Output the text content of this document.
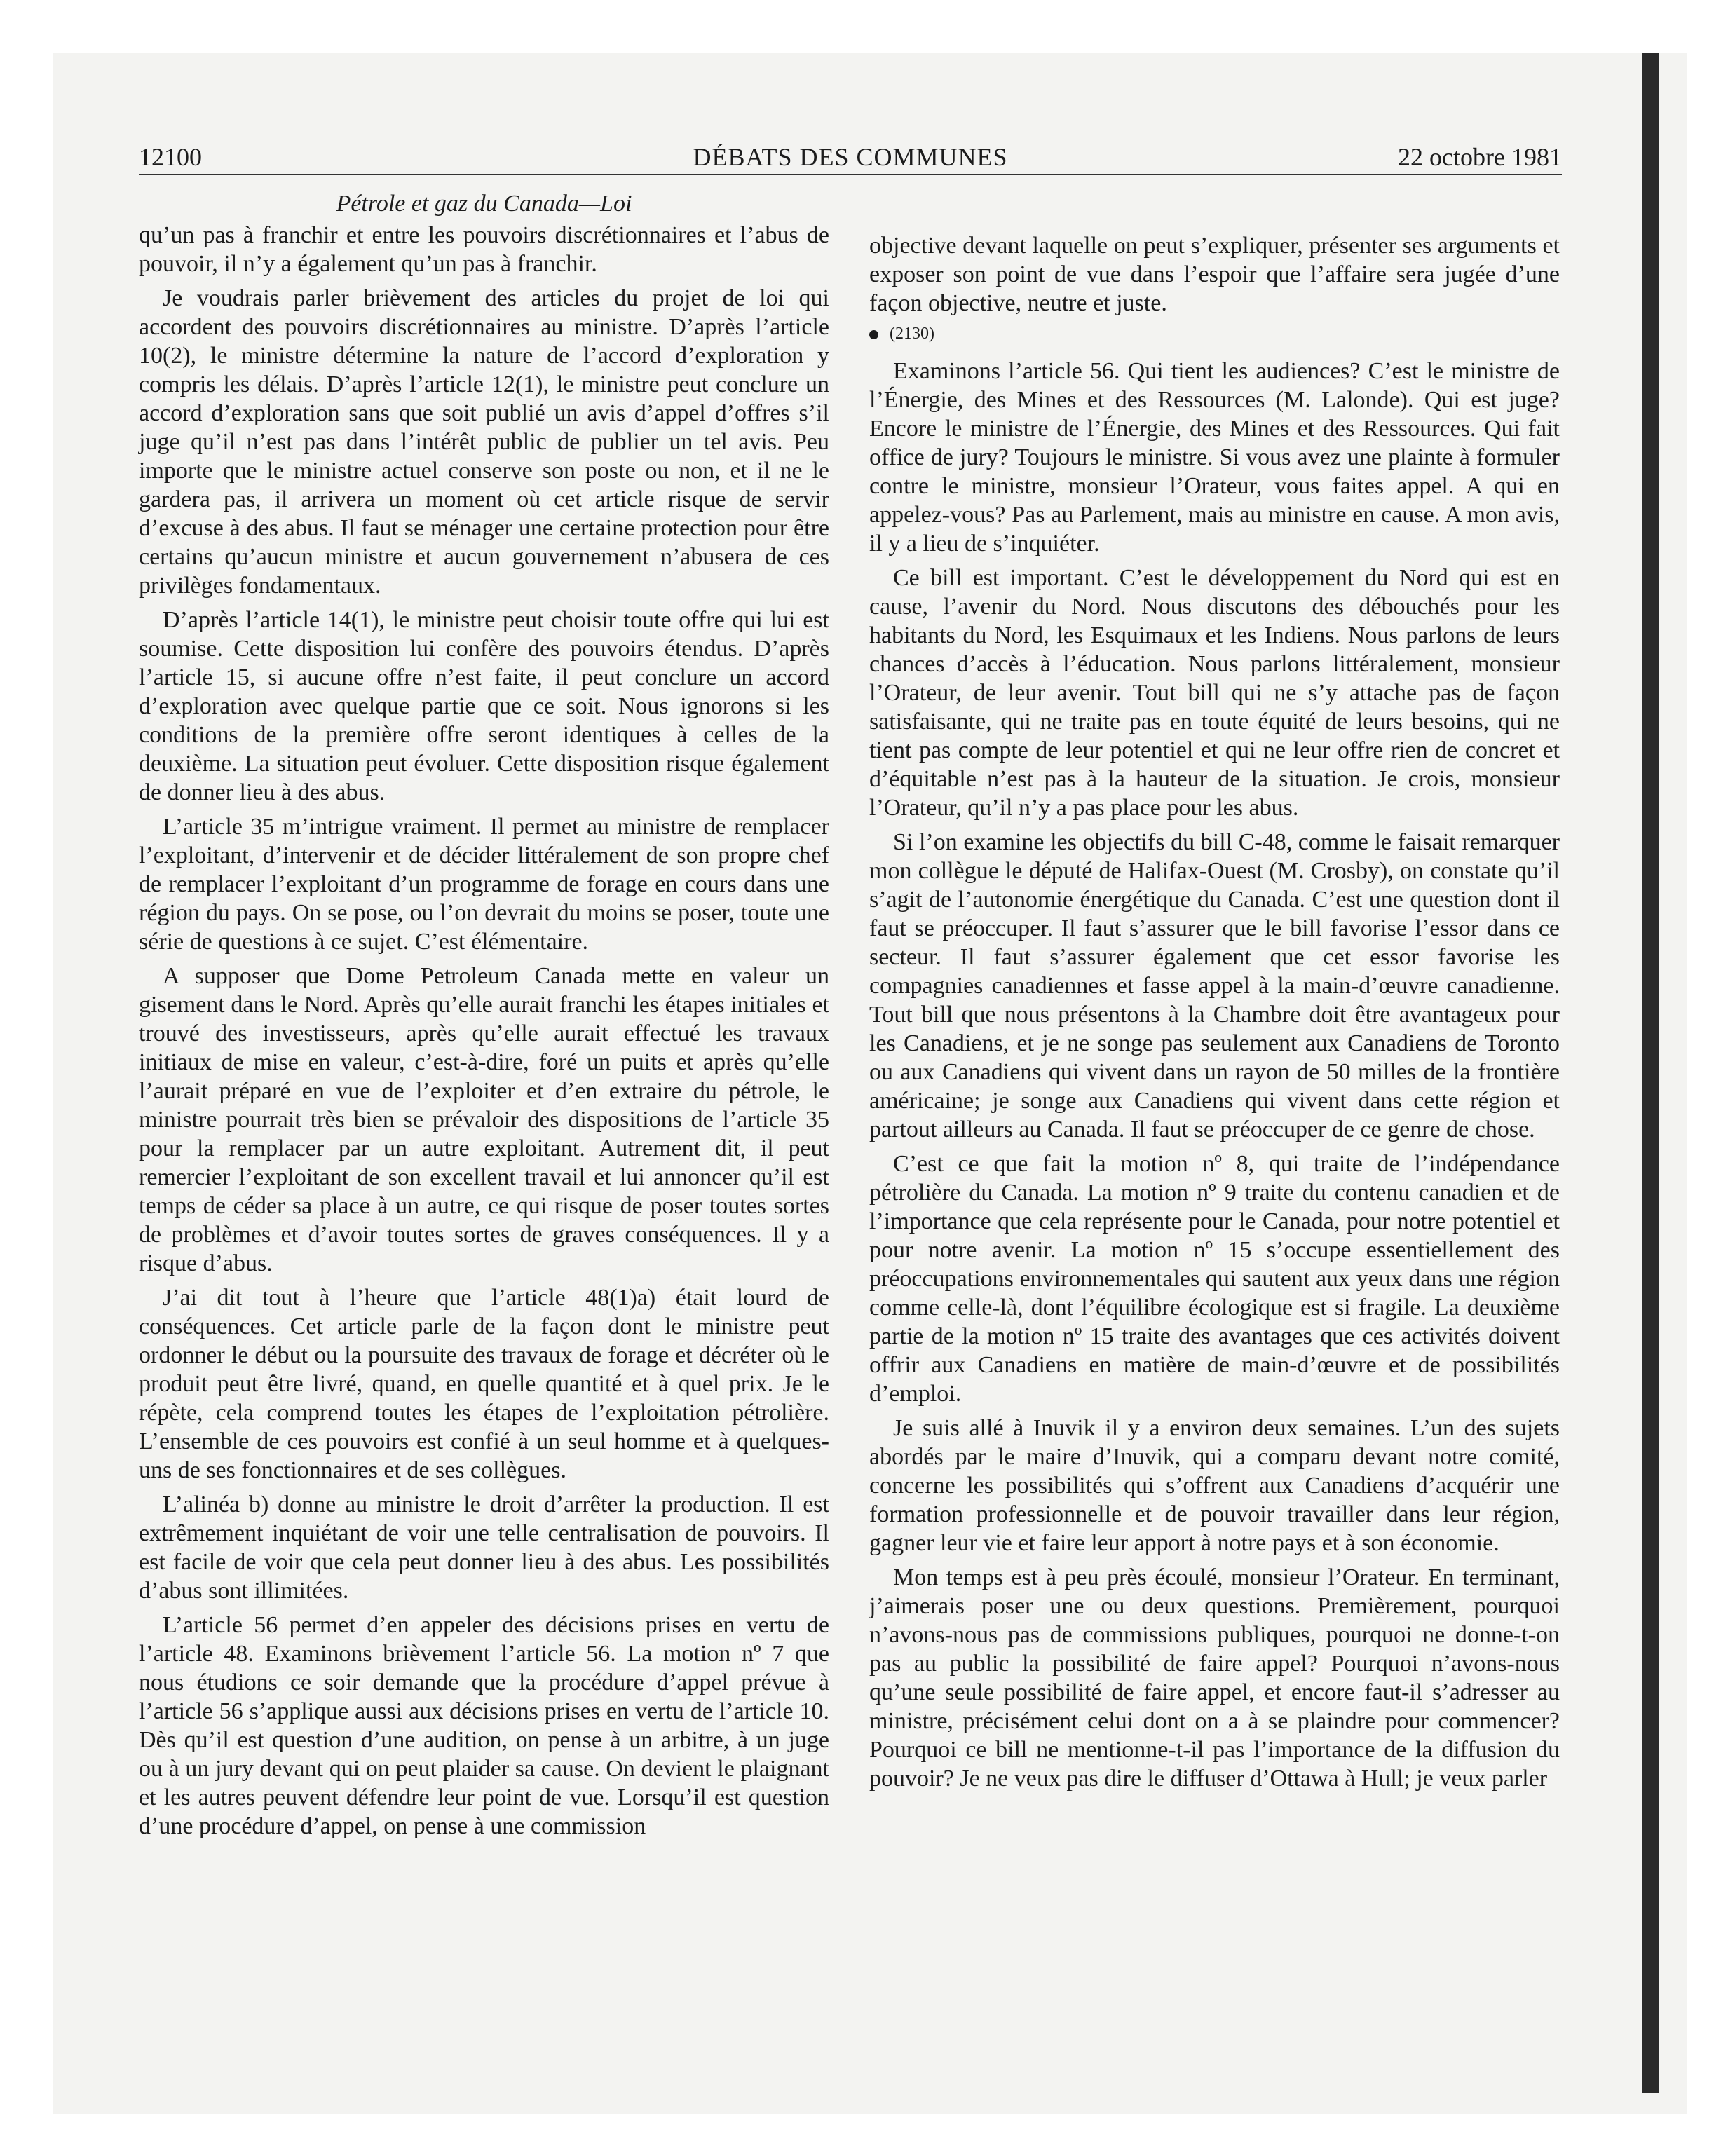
12100	DÉBATS DES COMMUNES	22 octobre 1981
Pétrole et gaz du Canada—Loi

qu’un pas à franchir et entre les pouvoirs discrétionnaires et l’abus de pouvoir, il n’y a également qu’un pas à franchir.

Je voudrais parler brièvement des articles du projet de loi qui accordent des pouvoirs discrétionnaires au ministre. D’après l’article 10(2), le ministre détermine la nature de l’accord d’exploration y compris les délais. D’après l’article 12(1), le ministre peut conclure un accord d’exploration sans que soit publié un avis d’appel d’offres s’il juge qu’il n’est pas dans l’intérêt public de publier un tel avis. Peu importe que le ministre actuel conserve son poste ou non, et il ne le gardera pas, il arrivera un moment où cet article risque de servir d’excuse à des abus. Il faut se ménager une certaine protection pour être certains qu’aucun ministre et aucun gouvernement n’abusera de ces privilèges fondamentaux.

D’après l’article 14(1), le ministre peut choisir toute offre qui lui est soumise. Cette disposition lui confère des pouvoirs étendus. D’après l’article 15, si aucune offre n’est faite, il peut conclure un accord d’exploration avec quelque partie que ce soit. Nous ignorons si les conditions de la première offre seront identiques à celles de la deuxième. La situation peut évoluer. Cette disposition risque également de donner lieu à des abus.

L’article 35 m’intrigue vraiment. Il permet au ministre de remplacer l’exploitant, d’intervenir et de décider littéralement de son propre chef de remplacer l’exploitant d’un programme de forage en cours dans une région du pays. On se pose, ou l’on devrait du moins se poser, toute une série de questions à ce sujet. C’est élémentaire.

A supposer que Dome Petroleum Canada mette en valeur un gisement dans le Nord. Après qu’elle aurait franchi les étapes initiales et trouvé des investisseurs, après qu’elle aurait effectué les travaux initiaux de mise en valeur, c’est-à-dire, foré un puits et après qu’elle l’aurait préparé en vue de l’exploiter et d’en extraire du pétrole, le ministre pourrait très bien se prévaloir des dispositions de l’article 35 pour la remplacer par un autre exploitant. Autrement dit, il peut remercier l’exploitant de son excellent travail et lui annoncer qu’il est temps de céder sa place à un autre, ce qui risque de poser toutes sortes de problèmes et d’avoir toutes sortes de graves conséquences. Il y a risque d’abus.

J’ai dit tout à l’heure que l’article 48(1)a) était lourd de conséquences. Cet article parle de la façon dont le ministre peut ordonner le début ou la poursuite des travaux de forage et décréter où le produit peut être livré, quand, en quelle quantité et à quel prix. Je le répète, cela comprend toutes les étapes de l’exploitation pétrolière. L’ensemble de ces pouvoirs est confié à un seul homme et à quelques-uns de ses fonctionnaires et de ses collègues.

L’alinéa b) donne au ministre le droit d’arrêter la production. Il est extrêmement inquiétant de voir une telle centralisation de pouvoirs. Il est facile de voir que cela peut donner lieu à des abus. Les possibilités d’abus sont illimitées.

L’article 56 permet d’en appeler des décisions prises en vertu de l’article 48. Examinons brièvement l’article 56. La motion nº 7 que nous étudions ce soir demande que la procédure d’appel prévue à l’article 56 s’applique aussi aux décisions prises en vertu de l’article 10. Dès qu’il est question d’une audition, on pense à un arbitre, à un juge ou à un jury devant qui on peut plaider sa cause. On devient le plaignant et les autres peuvent défendre leur point de vue. Lorsqu’il est question d’une procédure d’appel, on pense à une commission

objective devant laquelle on peut s’expliquer, présenter ses arguments et exposer son point de vue dans l’espoir que l’affaire sera jugée d’une façon objective, neutre et juste.

(2130)

Examinons l’article 56. Qui tient les audiences? C’est le ministre de l’Énergie, des Mines et des Ressources (M. Lalonde). Qui est juge? Encore le ministre de l’Énergie, des Mines et des Ressources. Qui fait office de jury? Toujours le ministre. Si vous avez une plainte à formuler contre le ministre, monsieur l’Orateur, vous faites appel. A qui en appelez-vous? Pas au Parlement, mais au ministre en cause. A mon avis, il y a lieu de s’inquiéter.

Ce bill est important. C’est le développement du Nord qui est en cause, l’avenir du Nord. Nous discutons des débouchés pour les habitants du Nord, les Esquimaux et les Indiens. Nous parlons de leurs chances d’accès à l’éducation. Nous parlons littéralement, monsieur l’Orateur, de leur avenir. Tout bill qui ne s’y attache pas de façon satisfaisante, qui ne traite pas en toute équité de leurs besoins, qui ne tient pas compte de leur potentiel et qui ne leur offre rien de concret et d’équitable n’est pas à la hauteur de la situation. Je crois, monsieur l’Orateur, qu’il n’y a pas place pour les abus.

Si l’on examine les objectifs du bill C-48, comme le faisait remarquer mon collègue le député de Halifax-Ouest (M. Crosby), on constate qu’il s’agit de l’autonomie énergétique du Canada. C’est une question dont il faut se préoccuper. Il faut s’assurer que le bill favorise l’essor dans ce secteur. Il faut s’assurer également que cet essor favorise les compagnies canadiennes et fasse appel à la main-d’œuvre canadienne. Tout bill que nous présentons à la Chambre doit être avantageux pour les Canadiens, et je ne songe pas seulement aux Canadiens de Toronto ou aux Canadiens qui vivent dans un rayon de 50 milles de la frontière américaine; je songe aux Canadiens qui vivent dans cette région et partout ailleurs au Canada. Il faut se préoccuper de ce genre de chose.

C’est ce que fait la motion nº 8, qui traite de l’indépendance pétrolière du Canada. La motion nº 9 traite du contenu canadien et de l’importance que cela représente pour le Canada, pour notre potentiel et pour notre avenir. La motion nº 15 s’occupe essentiellement des préoccupations environnementales qui sautent aux yeux dans une région comme celle-là, dont l’équilibre écologique est si fragile. La deuxième partie de la motion nº 15 traite des avantages que ces activités doivent offrir aux Canadiens en matière de main-d’œuvre et de possibilités d’emploi.

Je suis allé à Inuvik il y a environ deux semaines. L’un des sujets abordés par le maire d’Inuvik, qui a comparu devant notre comité, concerne les possibilités qui s’offrent aux Canadiens d’acquérir une formation professionnelle et de pouvoir travailler dans leur région, gagner leur vie et faire leur apport à notre pays et à son économie.

Mon temps est à peu près écoulé, monsieur l’Orateur. En terminant, j’aimerais poser une ou deux questions. Premièrement, pourquoi n’avons-nous pas de commissions publiques, pourquoi ne donne-t-on pas au public la possibilité de faire appel? Pourquoi n’avons-nous qu’une seule possibilité de faire appel, et encore faut-il s’adresser au ministre, précisément celui dont on a à se plaindre pour commencer? Pourquoi ce bill ne mentionne-t-il pas l’importance de la diffusion du pouvoir? Je ne veux pas dire le diffuser d’Ottawa à Hull; je veux parler
